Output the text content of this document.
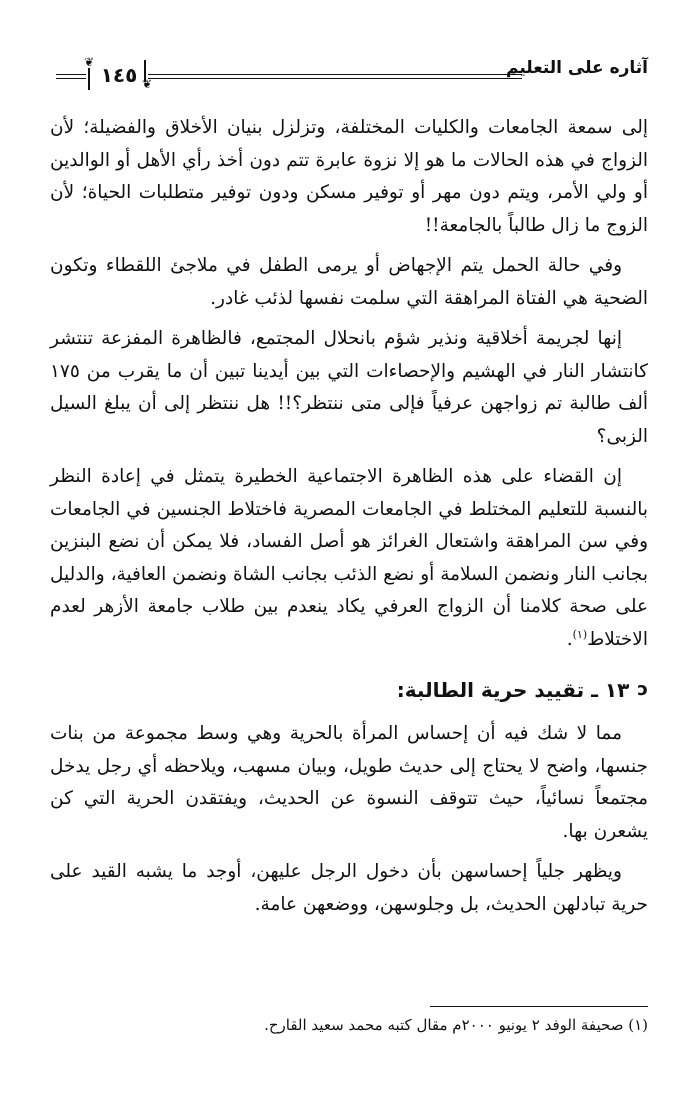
آثاره على التعليم
❦
❦
١٤٥

إلى سمعة الجامعات والكليات المختلفة، وتزلزل بنيان الأخلاق والفضيلة؛ لأن الزواج في هذه الحالات ما هو إلا نزوة عابرة تتم دون أخذ رأي الأهل أو الوالدين أو ولي الأمر، ويتم دون مهر أو توفير مسكن ودون توفير متطلبات الحياة؛ لأن الزوج ما زال طالباً بالجامعة!!

وفي حالة الحمل يتم الإجهاض أو يرمى الطفل في ملاجئ اللقطاء وتكون الضحية هي الفتاة المراهقة التي سلمت نفسها لذئب غادر.

إنها لجريمة أخلاقية ونذير شؤم بانحلال المجتمع، فالظاهرة المفزعة تنتشر كانتشار النار في الهشيم والإحصاءات التي بين أيدينا تبين أن ما يقرب من ١٧٥ ألف طالبة تم زواجهن عرفياً فإلى متى ننتظر؟!! هل ننتظر إلى أن يبلغ السيل الزبى؟

إن القضاء على هذه الظاهرة الاجتماعية الخطيرة يتمثل في إعادة النظر بالنسبة للتعليم المختلط في الجامعات المصرية فاختلاط الجنسين في الجامعات وفي سن المراهقة واشتعال الغرائز هو أصل الفساد، فلا يمكن أن نضع البنزين بجانب النار ونضمن السلامة أو نضع الذئب بجانب الشاة ونضمن العافية، والدليل على صحة كلامنا أن الزواج العرفي يكاد ينعدم بين طلاب جامعة الأزهر لعدم الاختلاط$^{(١)}$.

ᴐ
١٣ ـ تقييد حرية الطالبة:

مما لا شك فيه أن إحساس المرأة بالحرية وهي وسط مجموعة من بنات جنسها، واضح لا يحتاج إلى حديث طويل، وبيان مسهب، ويلاحظه أي رجل يدخل مجتمعاً نسائياً، حيث تتوقف النسوة عن الحديث، ويفتقدن الحرية التي كن يشعرن بها.

ويظهر جلياً إحساسهن بأن دخول الرجل عليهن، أوجد ما يشبه القيد على حرية تبادلهن الحديث، بل وجلوسهن، ووضعهن عامة.

(١) صحيفة الوفد ٢ يونيو ٢٠٠٠م مقال كتبه محمد سعيد القارح.
